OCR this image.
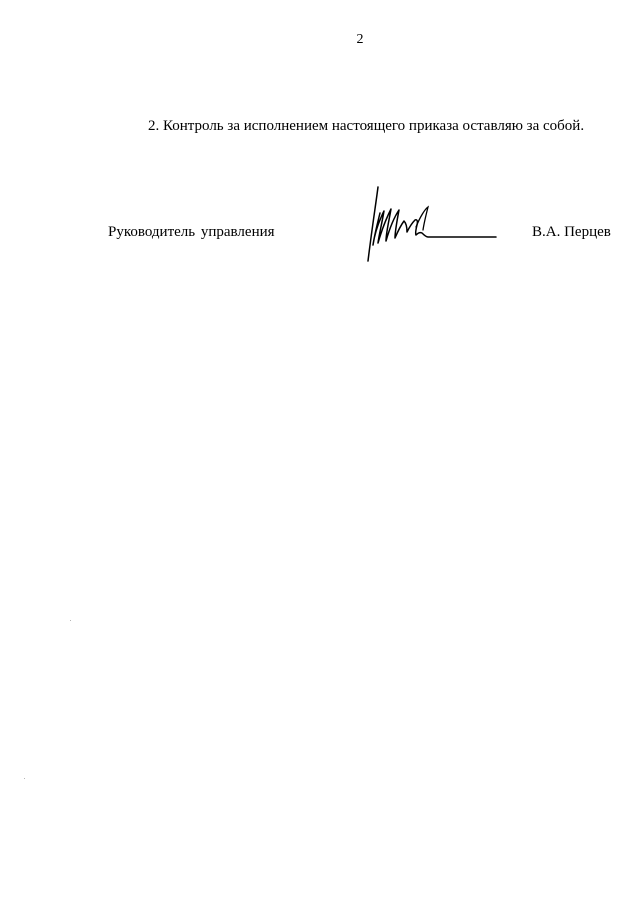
2
2. Контроль за исполнением настоящего приказа оставляю за собой.
Руководитель управления	В.А. Перцев
